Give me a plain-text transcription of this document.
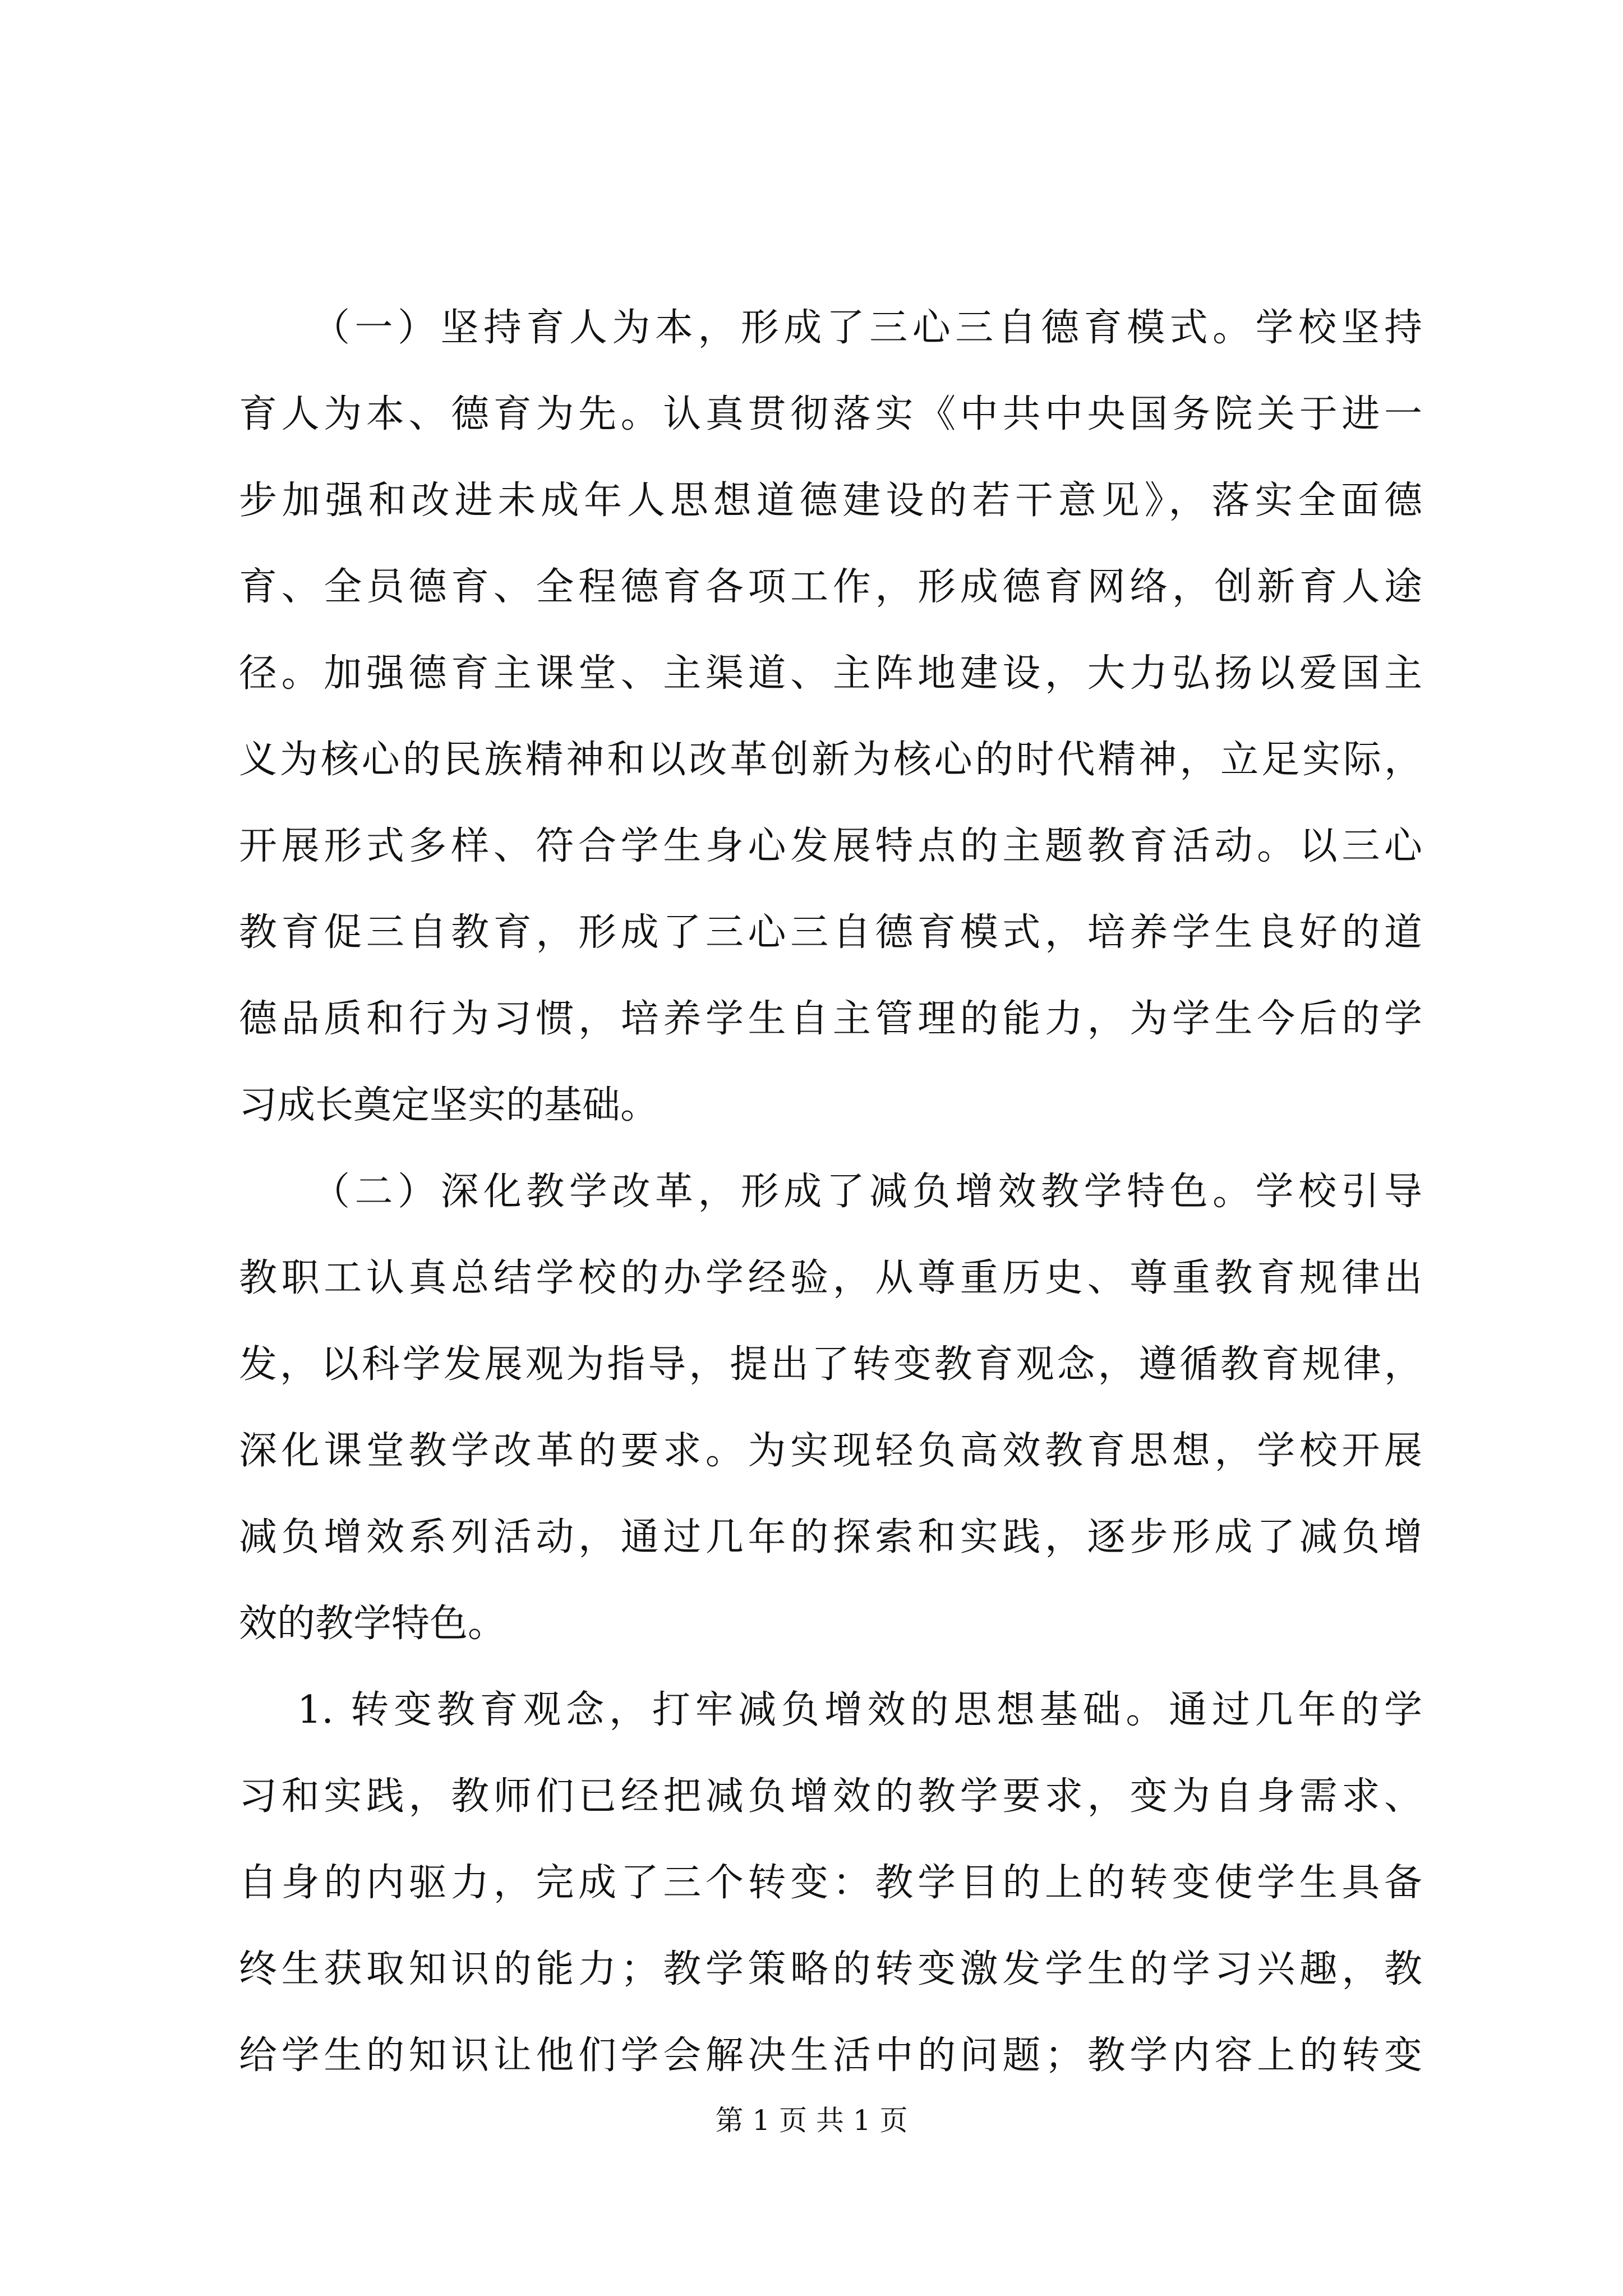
（一）坚持育人为本，形成了三心三自德育模式。学校坚持
育人为本、德育为先。认真贯彻落实《中共中央国务院关于进一
步加强和改进未成年人思想道德建设的若干意见》，落实全面德
育、全员德育、全程德育各项工作，形成德育网络，创新育人途
径。加强德育主课堂、主渠道、主阵地建设，大力弘扬以爱国主
义为核心的民族精神和以改革创新为核心的时代精神，立足实际，
开展形式多样、符合学生身心发展特点的主题教育活动。以三心
教育促三自教育，形成了三心三自德育模式，培养学生良好的道
德品质和行为习惯，培养学生自主管理的能力，为学生今后的学
习成长奠定坚实的基础。
（二）深化教学改革，形成了减负增效教学特色。学校引导
教职工认真总结学校的办学经验，从尊重历史、尊重教育规律出
发，以科学发展观为指导，提出了转变教育观念，遵循教育规律，
深化课堂教学改革的要求。为实现轻负高效教育思想，学校开展
减负增效系列活动，通过几年的探索和实践，逐步形成了减负增
效的教学特色。
1. 转变教育观念，打牢减负增效的思想基础。通过几年的学
习和实践，教师们已经把减负增效的教学要求，变为自身需求、
自身的内驱力，完成了三个转变：教学目的上的转变使学生具备
终生获取知识的能力；教学策略的转变激发学生的学习兴趣，教
给学生的知识让他们学会解决生活中的问题；教学内容上的转变
第 1 页 共 1 页
